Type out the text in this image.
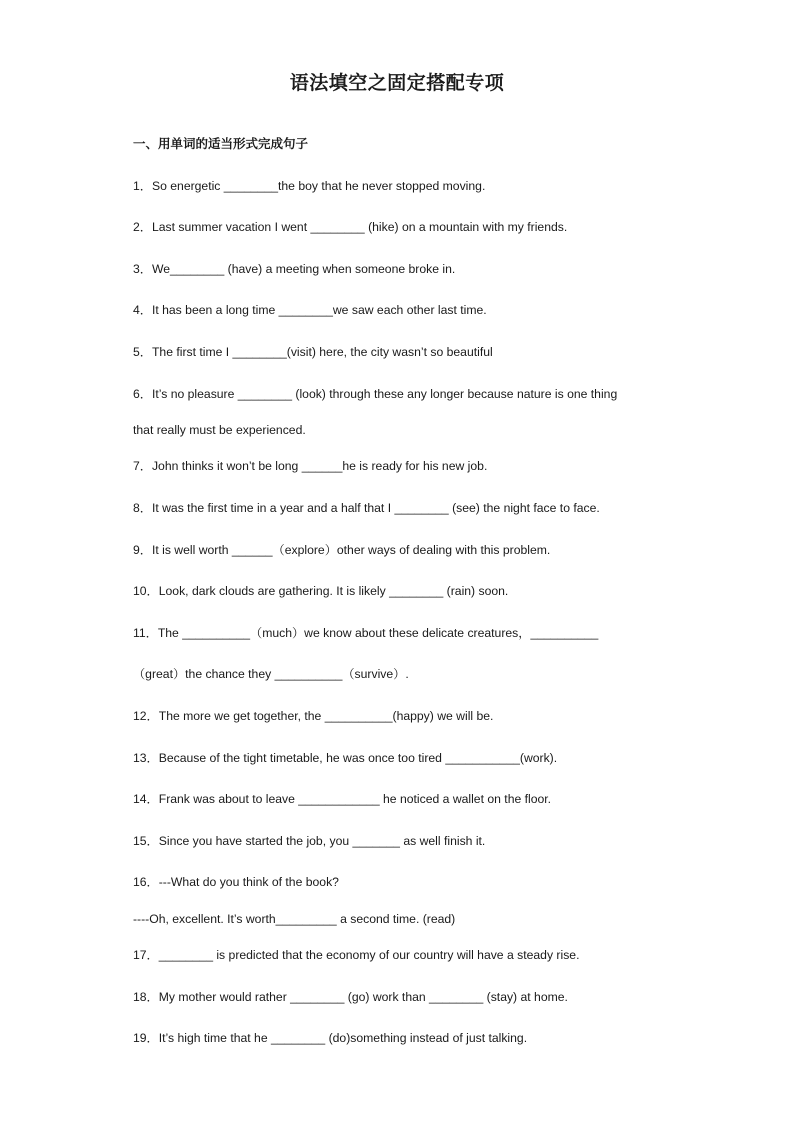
语法填空之固定搭配专项
一、用单词的适当形式完成句子
1．So energetic ________the boy that he never stopped moving.
2．Last summer vacation I went ________ (hike) on a mountain with my friends.
3．We________ (have) a meeting when someone broke in.
4．It has been a long time ________we saw each other last time.
5．The first time I ________(visit) here, the city wasn’t so beautiful
6．It’s no pleasure ________ (look) through these any longer because nature is one thing
that really must be experienced.
7．John thinks it won’t be long ______he is ready for his new job.
8．It was the first time in a year and a half that I ________ (see) the night face to face.
9．It is well worth ______（explore）other ways of dealing with this problem.
10．Look, dark clouds are gathering. It is likely ________ (rain) soon.
11．The __________（much）we know about these delicate creatures，__________
（great）the chance they __________（survive）.
12．The more we get together, the __________(happy) we will be.
13．Because of the tight timetable, he was once too tired ___________(work).
14．Frank was about to leave ____________ he noticed a wallet on the floor.
15．Since you have started the job, you _______ as well finish it.
16．---What do you think of the book?
----Oh, excellent. It’s worth_________ a second time. (read)
17．________ is predicted that the economy of our country will have a steady rise.
18．My mother would rather ________ (go) work than ________ (stay) at home.
19．It’s high time that he ________ (do)something instead of just talking.
